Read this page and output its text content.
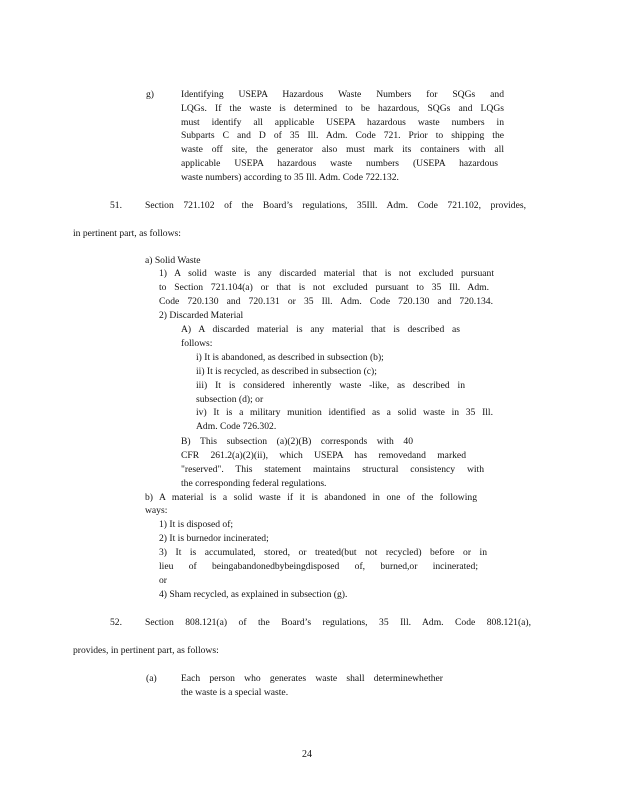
g)	Identifying USEPA Hazardous Waste Numbers for SQGs and
LQGs. If the waste is determined to be hazardous, SQGs and LQGs
must identify all applicable USEPA hazardous waste numbers in
Subparts C and D of 35 Ill. Adm. Code 721. Prior to shipping the
waste off site, the generator also must mark its containers with all
applicable USEPA hazardous waste numbers (USEPA hazardous
waste numbers) according to 35 Ill. Adm. Code 722.132.
51. Section 721.102 of the Board’s regulations, 35Ill. Adm. Code 721.102, provides,
in pertinent part, as follows:
a) Solid Waste
1) A solid waste is any discarded material that is not excluded pursuant
to Section 721.104(a) or that is not excluded pursuant to 35 Ill. Adm.
Code 720.130 and 720.131 or 35 Ill. Adm. Code 720.130 and 720.134.
2) Discarded Material
A) A discarded material is any material that is described as
follows:
i) It is abandoned, as described in subsection (b);
ii) It is recycled, as described in subsection (c);
iii) It is considered inherently waste -like, as described in
subsection (d); or
iv) It is a military munition identified as a solid waste in 35 Ill.
Adm. Code 726.302.
B) This subsection (a)(2)(B) corresponds with 40
CFR 261.2(a)(2)(ii), which USEPA has removedand marked
"reserved". This statement maintains structural consistency with
the corresponding federal regulations.
b) A material is a solid waste if it is abandoned in one of the following
ways:
1) It is disposed of;
2) It is burnedor incinerated;
3) It is accumulated, stored, or treated(but not recycled) before or in
lieu of beingabandonedbybeingdisposed of, burned,or incinerated;
or
4) Sham recycled, as explained in subsection (g).
52. Section 808.121(a) of the Board’s regulations, 35 Ill. Adm. Code 808.121(a),
provides, in pertinent part, as follows:
(a)	Each person who generates waste shall determinewhether
the waste is a special waste.
24
